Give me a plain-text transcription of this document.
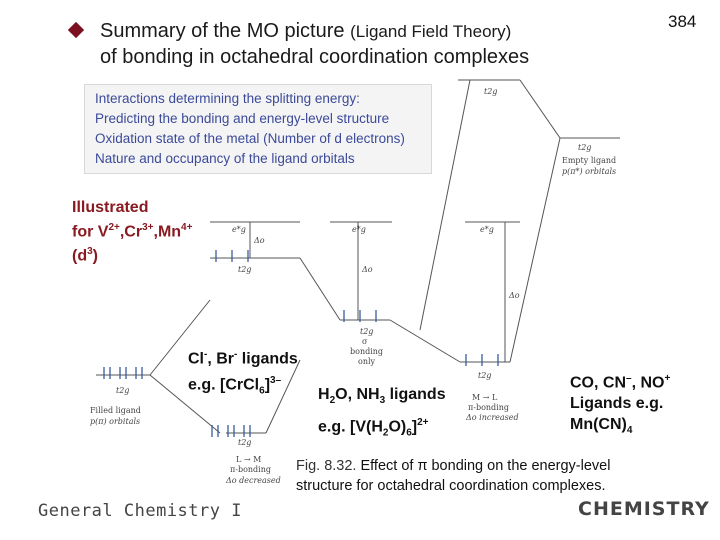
Summary of the MO picture (Ligand Field Theory)
of bonding in octahedral coordination complexes
384
t2g
t2g
Empty ligand
p(π*) orbitals
e*g	e*g	e*g
Δo
Δo
Δo
t2g
t2g
σ
bonding
only
t2g
M → L
π-bonding
Δo increased
t2g
Filled ligand
p(π) orbitals
t2g
L → M
π-bonding
Δo decreased
Interactions determining the splitting energy:
Predicting the bonding and energy-level structure
Oxidation state of the metal (Number of d electrons)
Nature and occupancy of the ligand orbitals
Illustrated
for $V^{2+},Cr^{3+},Mn^{4+}$
$(d^3)$
Cl-, Br- ligands
e.g. [CrCl$_6$]$^{3-}$
$H_2O$, $NH_3$ ligands
e.g. $[V(H_2O)_6]^{2+}$
CO, CN–, NO+
Ligands e.g.
$Mn(CN)_4$
Fig. 8.32. Effect of π bonding on the energy-level
structure for octahedral coordination complexes.
General Chemistry I	CHEMISTRY
